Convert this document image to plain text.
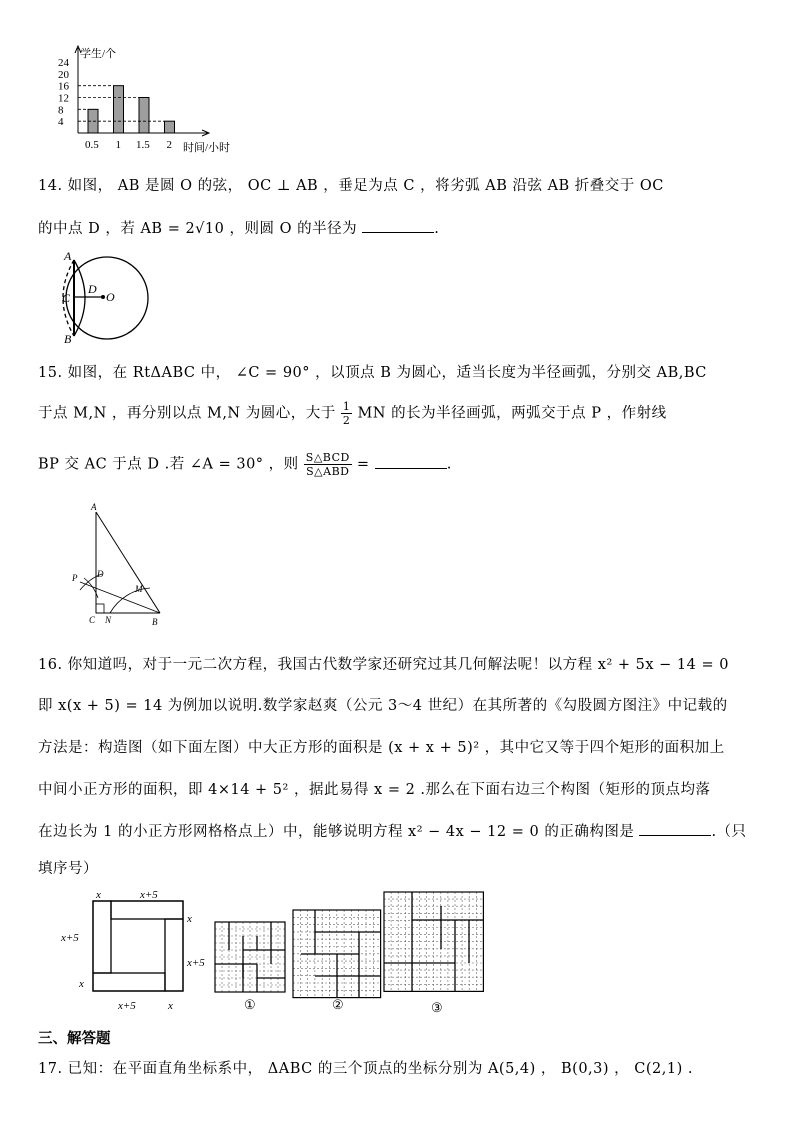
24
20
16
12
8
4
学生/个
0.5 1 1.5 2 时间/小时
14. 如图， AB 是圆 O 的弦， OC ⊥ AB ，垂足为点 C ，将劣弧 AB 沿弦 AB 折叠交于 OC
的中点 D ，若 AB = 2√10 ，则圆 O 的半径为	.
A
C
D
O
B
15. 如图，在 RtΔABC 中， ∠C = 90° ，以顶点 B 为圆心，适当长度为半径画弧，分别交 AB,BC
于点 M,N ，再分别以点 M,N 为圆心，大于 $\frac{1}{2}$ MN 的长为半径画弧，两弧交于点 P ，作射线
BP 交 AC 于点 D .若 ∠A = 30° ，则 $\frac{\text{S△BCD}}{\text{S△ABD}}$ =	.
A
P
M
D
C N	B
16. 你知道吗，对于一元二次方程，我国古代数学家还研究过其几何解法呢！以方程 x² + 5x − 14 = 0
即 x(x + 5) = 14 为例加以说明.数学家赵爽（公元 3～4 世纪）在其所著的《勾股圆方图注》中记载的
方法是：构造图（如下面左图）中大正方形的面积是 (x + x + 5)² ，其中它又等于四个矩形的面积加上
中间小正方形的面积，即 4×14 + 5² ，据此易得 x = 2 .那么在下面右边三个构图（矩形的顶点均落
在边长为 1 的小正方形网格格点上）中，能够说明方程 x² − 4x − 12 = 0 的正确构图是	.（只
填序号）
x	x+5
x
x+5
x+5
x
x+5	x	①	②	③
三、解答题
17. 已知：在平面直角坐标系中， ΔABC 的三个顶点的坐标分别为 A(5,4) ， B(0,3) ， C(2,1) .
